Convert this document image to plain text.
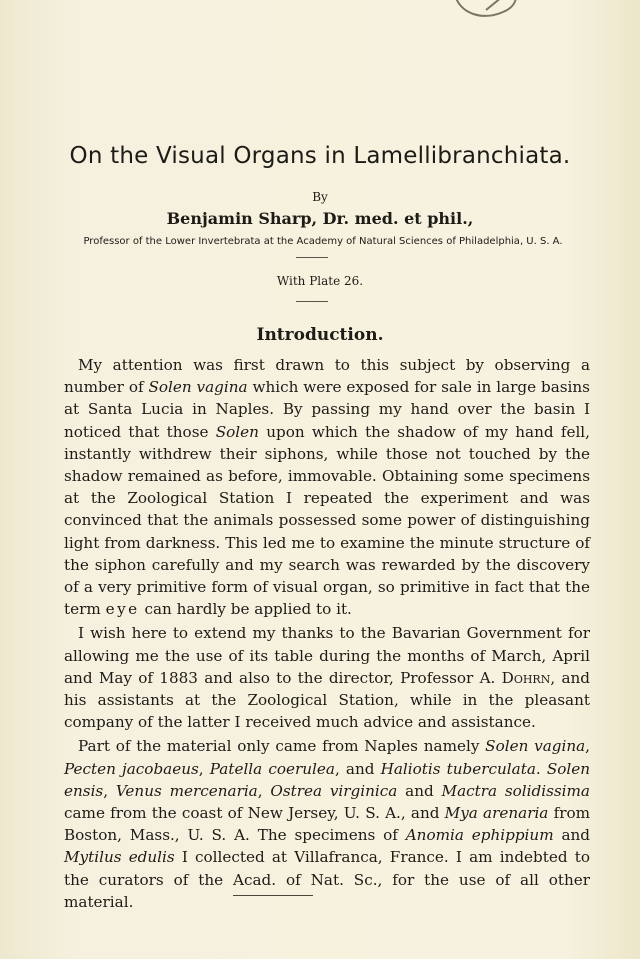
On the Visual Organs in Lamellibranchiata.
By
Benjamin Sharp, Dr. med. et phil.,
Professor of the Lower Invertebrata at the Academy of Natural Sciences of Philadelphia, U. S. A.
With Plate 26.
Introduction.

My attention was first drawn to this subject by observing a number of Solen vagina which were exposed for sale in large basins at Santa Lucia in Naples. By passing my hand over the basin I noticed that those Solen upon which the shadow of my hand fell, instantly withdrew their siphons, while those not touched by the shadow remained as before, immovable. Obtaining some specimens at the Zoological Station I repeated the experiment and was convinced that the animals possessed some power of distinguishing light from darkness. This led me to examine the minute structure of the siphon carefully and my search was rewarded by the discovery of a very primitive form of visual organ, so primitive in fact that the term eye can hardly be applied to it.

I wish here to extend my thanks to the Bavarian Government for allowing me the use of its table during the months of March, April and May of 1883 and also to the director, Professor A. Dohrn, and his assistants at the Zoological Station, while in the pleasant company of the latter I received much advice and assistance.

Part of the material only came from Naples namely Solen vagina, Pecten jacobaeus, Patella coerulea, and Haliotis tuberculata. Solen ensis, Venus mercenaria, Ostrea virginica and Mactra solidissima came from the coast of New Jersey, U. S. A., and Mya arenaria from Boston, Mass., U. S. A. The specimens of Anomia ephippium and Mytilus edulis I collected at Villafranca, France. I am indebted to the curators of the Acad. of Nat. Sc., for the use of all other material.
